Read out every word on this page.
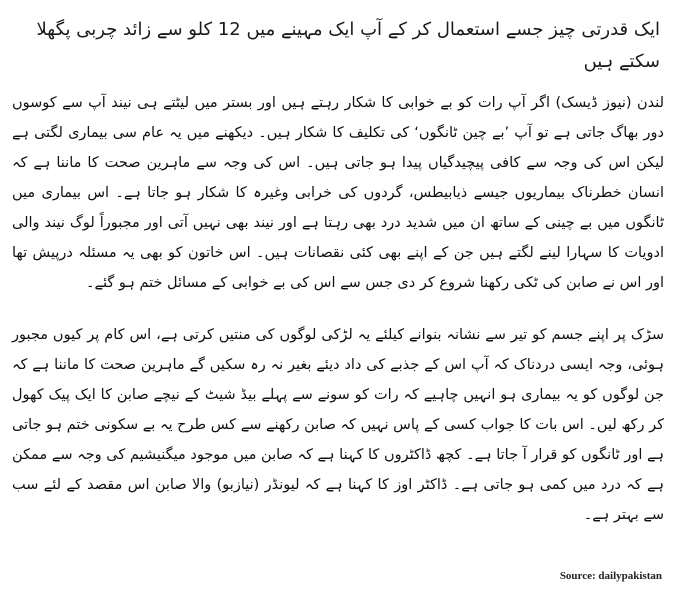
ایک قدرتی چیز جسے استعمال کر کے آپ ایک مہینے میں 12 کلو سے زائد چربی پگھلا سکتے ہیں

لندن (نیوز ڈیسک) اگر آپ رات کو بے خوابی کا شکار رہتے ہیں اور بستر میں لیٹتے ہی نیند آپ سے کوسوں دور بھاگ جاتی ہے تو آپ ’بے چین ٹانگوں‘ کی تکلیف کا شکار ہیں۔ دیکھنے میں یہ عام سی بیماری لگتی ہے لیکن اس کی وجہ سے کافی پیچیدگیاں پیدا ہو جاتی ہیں۔ اس کی وجہ سے ماہرین صحت کا ماننا ہے کہ انسان خطرناک بیماریوں جیسے ذیابیطس، گردوں کی خرابی وغیرہ کا شکار ہو جاتا ہے۔ اس بیماری میں ٹانگوں میں بے چینی کے ساتھ ان میں شدید درد بھی رہتا ہے اور نیند بھی نہیں آتی اور مجبوراً لوگ نیند والی ادویات کا سہارا لینے لگتے ہیں جن کے اپنے بھی کئی نقصانات ہیں۔ اس خاتون کو بھی یہ مسئلہ درپیش تھا اور اس نے صابن کی ٹکی رکھنا شروع کر دی جس سے اس کی بے خوابی کے مسائل ختم ہو گئے۔

سڑک پر اپنے جسم کو تیر سے نشانہ بنوانے کیلئے یہ لڑکی لوگوں کی منتیں کرتی ہے، اس کام پر کیوں مجبور ہوئی، وجہ ایسی دردناک کہ آپ اس کے جذبے کی داد دیئے بغیر نہ رہ سکیں گے ماہرین صحت کا ماننا ہے کہ جن لوگوں کو یہ بیماری ہو انہیں چاہیے کہ رات کو سونے سے پہلے بیڈ شیٹ کے نیچے صابن کا ایک پیک کھول کر رکھ لیں۔ اس بات کا جواب کسی کے پاس نہیں کہ صابن رکھنے سے کس طرح یہ بے سکونی ختم ہو جاتی ہے اور ٹانگوں کو قرار آ جاتا ہے۔ کچھ ڈاکٹروں کا کہنا ہے کہ صابن میں موجود میگنیشیم کی وجہ سے ممکن ہے کہ درد میں کمی ہو جاتی ہے۔ ڈاکٹر اوز کا کہنا ہے کہ لیونڈر (نیازبو) والا صابن اس مقصد کے لئے سب سے بہتر ہے۔

Source: dailypakistan
